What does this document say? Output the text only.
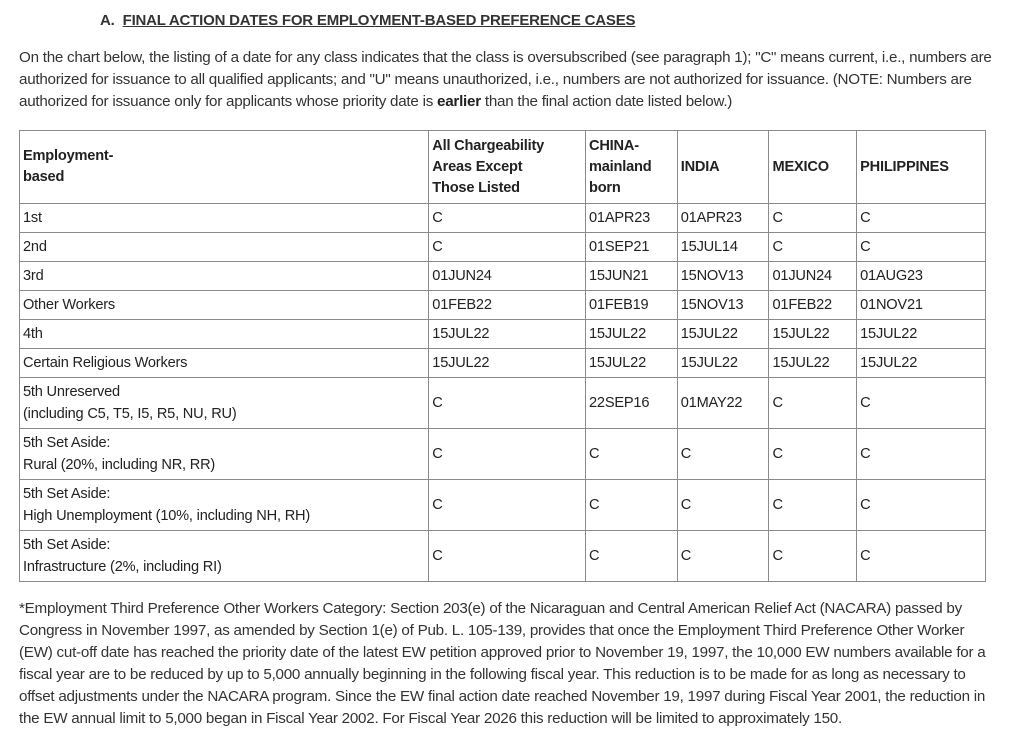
A. FINAL ACTION DATES FOR EMPLOYMENT-BASED PREFERENCE CASES
On the chart below, the listing of a date for any class indicates that the class is oversubscribed (see paragraph 1); "C" means current, i.e., numbers are authorized for issuance to all qualified applicants; and "U" means unauthorized, i.e., numbers are not authorized for issuance. (NOTE: Numbers are authorized for issuance only for applicants whose priority date is earlier than the final action date listed below.)
Employment-
based	All Chargeability
Areas Except
Those Listed	CHINA-
mainland
born	INDIA	MEXICO	PHILIPPINES
1st	C	01APR23	01APR23	C	C
2nd	C	01SEP21	15JUL14	C	C
3rd	01JUN24	15JUN21	15NOV13	01JUN24	01AUG23
Other Workers	01FEB22	01FEB19	15NOV13	01FEB22	01NOV21
4th	15JUL22	15JUL22	15JUL22	15JUL22	15JUL22
Certain Religious Workers	15JUL22	15JUL22	15JUL22	15JUL22	15JUL22
5th Unreserved
(including C5, T5, I5, R5, NU, RU)	C	22SEP16	01MAY22	C	C
5th Set Aside:
Rural (20%, including NR, RR)	C	C	C	C	C
5th Set Aside:
High Unemployment (10%, including NH, RH)	C	C	C	C	C
5th Set Aside:
Infrastructure (2%, including RI)	C	C	C	C	C
*Employment Third Preference Other Workers Category: Section 203(e) of the Nicaraguan and Central American Relief Act (NACARA) passed by Congress in November 1997, as amended by Section 1(e) of Pub. L. 105-139, provides that once the Employment Third Preference Other Worker (EW) cut-off date has reached the priority date of the latest EW petition approved prior to November 19, 1997, the 10,000 EW numbers available for a fiscal year are to be reduced by up to 5,000 annually beginning in the following fiscal year. This reduction is to be made for as long as necessary to offset adjustments under the NACARA program. Since the EW final action date reached November 19, 1997 during Fiscal Year 2001, the reduction in the EW annual limit to 5,000 began in Fiscal Year 2002. For Fiscal Year 2026 this reduction will be limited to approximately 150.
